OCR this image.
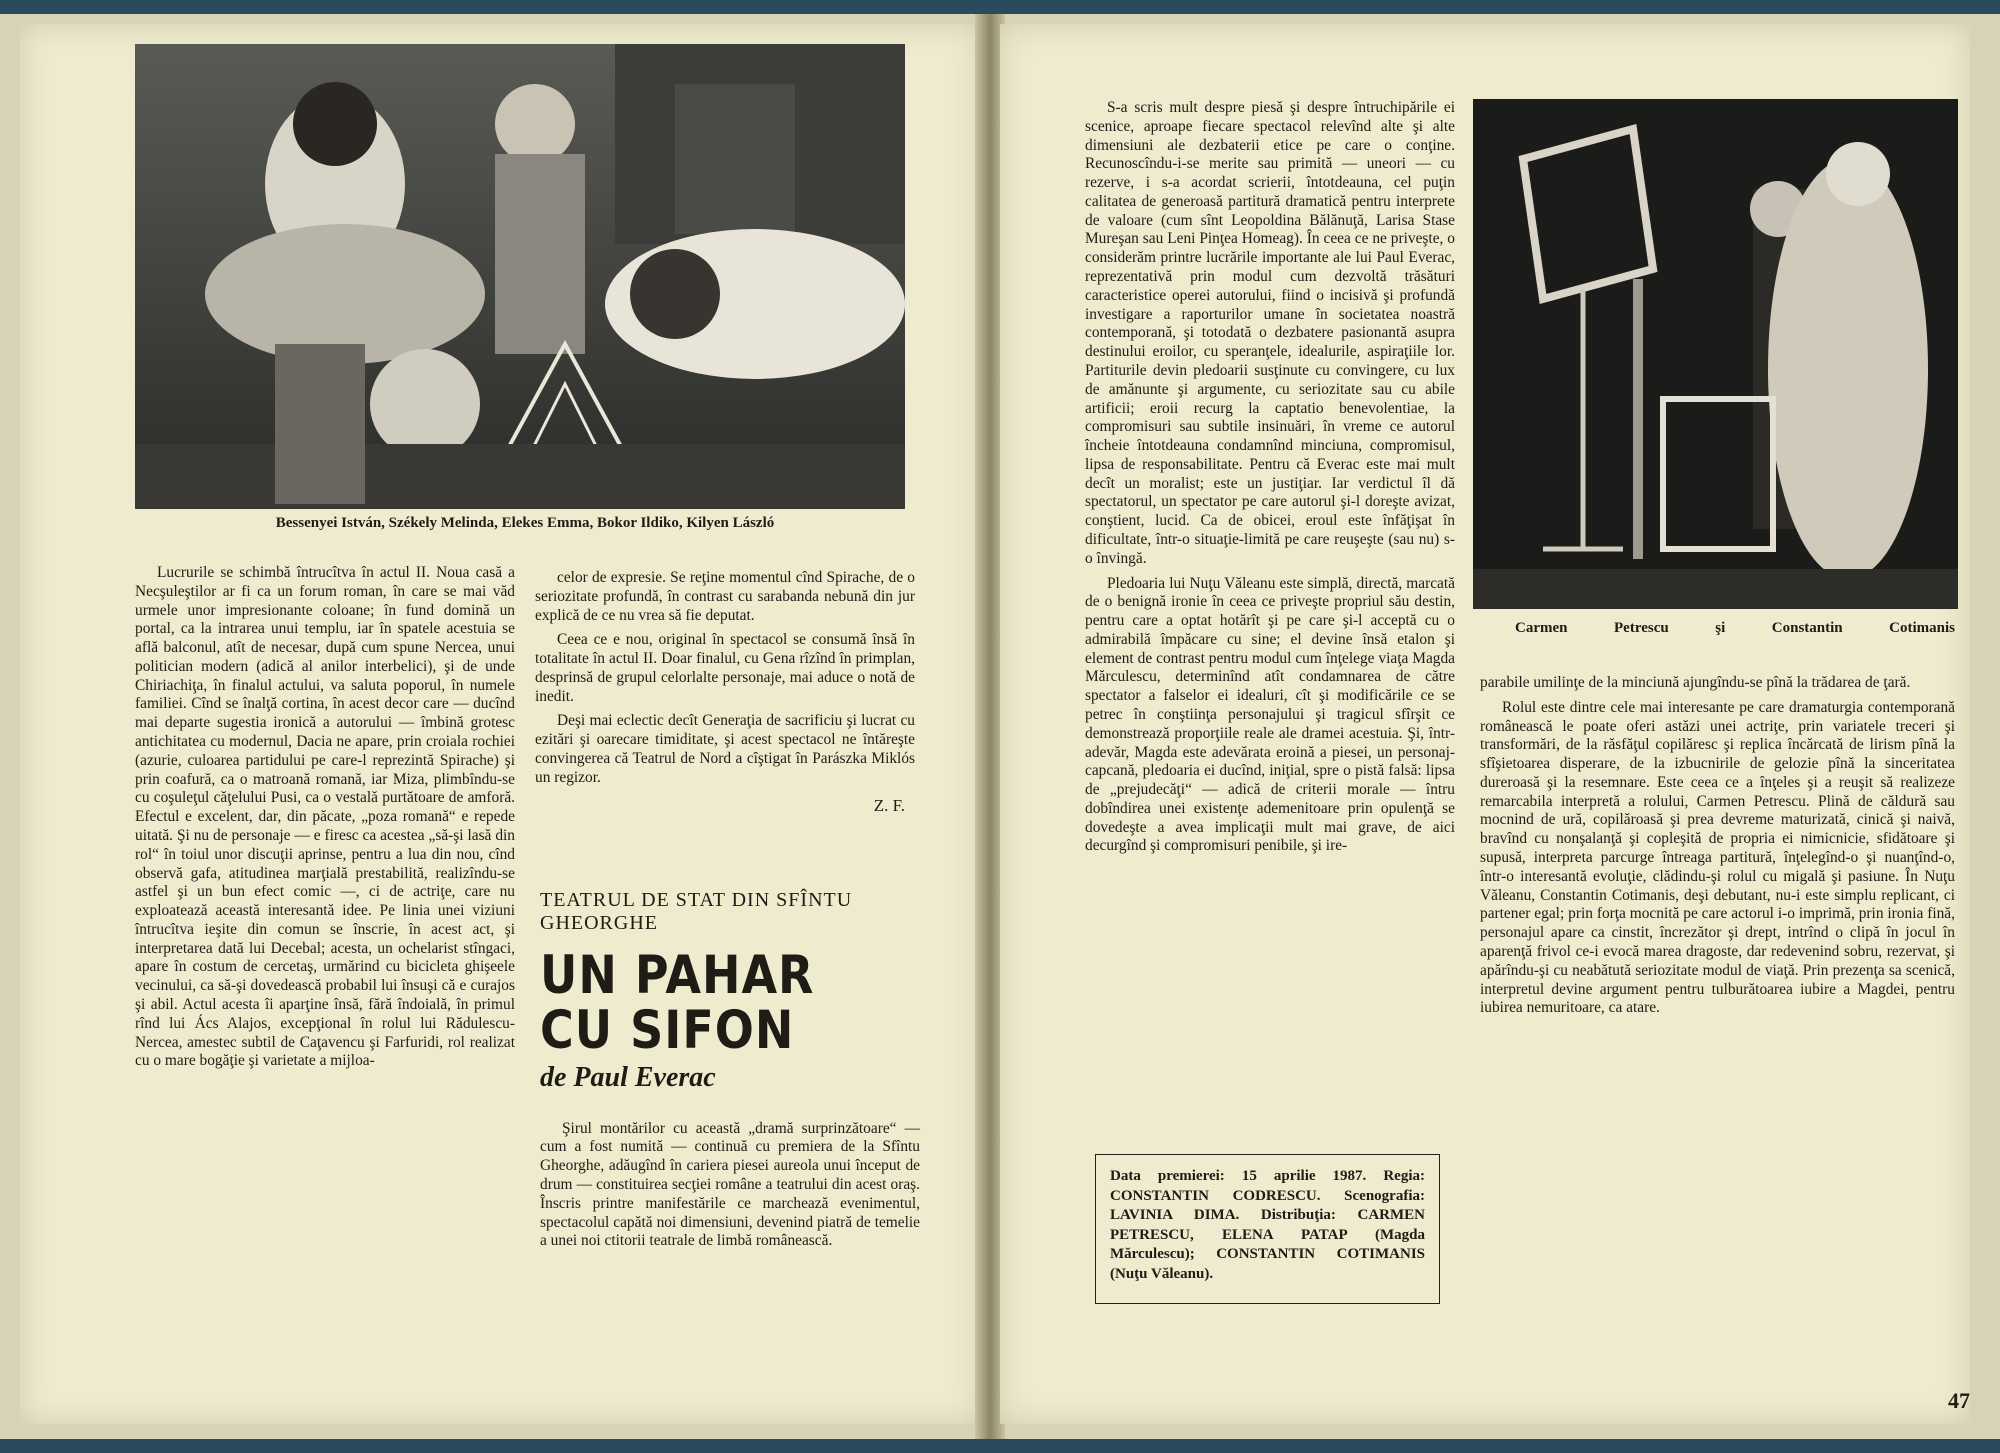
Bessenyei István, Székely Melinda, Elekes Emma, Bokor Ildiko, Kilyen László

Lucrurile se schimbă întrucîtva în actul II. Noua casă a Necşuleştilor ar fi ca un forum roman, în care se mai văd urmele unor impresionante coloane; în fund domină un portal, ca la intrarea unui templu, iar în spatele acestuia se află balconul, atît de necesar, după cum spune Nercea, unui politician modern (adică al anilor interbelici), şi de unde Chiriachiţa, în finalul actului, va saluta poporul, în numele familiei. Cînd se înalţă cortina, în acest decor care — ducînd mai departe sugestia ironică a autorului — îmbină grotesc antichitatea cu modernul, Dacia ne apare, prin croiala rochiei (azurie, culoarea partidului pe care-l reprezintă Spirache) şi prin coafură, ca o matroană romană, iar Miza, plimbîndu-se cu coşuleţul căţelului Pusi, ca o vestală purtătoare de amforă. Efectul e excelent, dar, din păcate, „poza romană“ e repede uitată. Şi nu de personaje — e firesc ca acestea „să-şi lasă din rol“ în toiul unor discuţii aprinse, pentru a lua din nou, cînd observă gafa, atitudinea marţială prestabilită, realizîndu-se astfel şi un bun efect comic —, ci de actriţe, care nu exploatează această interesantă idee. Pe linia unei viziuni întrucîtva ieşite din comun se înscrie, în acest act, şi interpretarea dată lui Decebal; acesta, un ochelarist stîngaci, apare în costum de cercetaş, urmărind cu bicicleta ghişeele vecinului, ca să-şi dovedească probabil lui însuşi că e curajos şi abil. Actul acesta îi aparţine însă, fără îndoială, în primul rînd lui Ács Alajos, excepţional în rolul lui Rădulescu-Nercea, amestec subtil de Caţavencu şi Farfuridi, rol realizat cu o mare bogăţie şi varietate a mijloa-

celor de expresie. Se reţine momentul cînd Spirache, de o seriozitate profundă, în contrast cu sarabanda nebună din jur explică de ce nu vrea să fie deputat.

Ceea ce e nou, original în spectacol se consumă însă în totalitate în actul II. Doar finalul, cu Gena rîzînd în primplan, desprinsă de grupul celorlalte personaje, mai aduce o notă de inedit.

Deşi mai eclectic decît Generaţia de sacrificiu şi lucrat cu ezitări şi oarecare timiditate, şi acest spectacol ne întăreşte convingerea că Teatrul de Nord a cîştigat în Parászka Miklós un regizor.

Z. F.
TEATRUL DE STAT DIN SFÎNTU GHEORGHE
UN PAHAR
CU SIFON
de Paul Everac

Şirul montărilor cu această „dramă surprinzătoare“ — cum a fost numită — continuă cu premiera de la Sfîntu Gheorghe, adăugînd în cariera piesei aureola unui început de drum — constituirea secţiei române a teatrului din acest oraş. Înscris printre manifestările ce marchează evenimentul, spectacolul capătă noi dimensiuni, devenind piatră de temelie a unei noi ctitorii teatrale de limbă românească.

S-a scris mult despre piesă şi despre întruchipările ei scenice, aproape fiecare spectacol relevînd alte şi alte dimensiuni ale dezbaterii etice pe care o conţine. Recunoscîndu-i-se merite sau primită — uneori — cu rezerve, i s-a acordat scrierii, întotdeauna, cel puţin calitatea de generoasă partitură dramatică pentru interprete de valoare (cum sînt Leopoldina Bălănuţă, Larisa Stase Mureşan sau Leni Pinţea Homeag). În ceea ce ne priveşte, o considerăm printre lucrările importante ale lui Paul Everac, reprezentativă prin modul cum dezvoltă trăsături caracteristice operei autorului, fiind o incisivă şi profundă investigare a raporturilor umane în societatea noastră contemporană, şi totodată o dezbatere pasionantă asupra destinului eroilor, cu speranţele, idealurile, aspiraţiile lor. Partiturile devin pledoarii susţinute cu convingere, cu lux de amănunte şi argumente, cu seriozitate sau cu abile artificii; eroii recurg la captatio benevolentiae, la compromisuri sau subtile insinuări, în vreme ce autorul încheie întotdeauna condamnînd minciuna, compromisul, lipsa de responsabilitate. Pentru că Everac este mai mult decît un moralist; este un justiţiar. Iar verdictul îl dă spectatorul, un spectator pe care autorul şi-l doreşte avizat, conştient, lucid. Ca de obicei, eroul este înfăţişat în dificultate, într-o situaţie-limită pe care reuşeşte (sau nu) s-o învingă.

Pledoaria lui Nuţu Văleanu este simplă, directă, marcată de o benignă ironie în ceea ce priveşte propriul său destin, pentru care a optat hotărît şi pe care şi-l acceptă cu o admirabilă împăcare cu sine; el devine însă etalon şi element de contrast pentru modul cum înţelege viaţa Magda Mărculescu, determinînd atît condamnarea de către spectator a falselor ei idealuri, cît şi modificările ce se petrec în conştiinţa personajului şi tragicul sfîrşit ce demonstrează proporţiile reale ale dramei acestuia. Şi, într-adevăr, Magda este adevărata eroină a piesei, un personaj-capcană, pledoaria ei ducînd, iniţial, spre o pistă falsă: lipsa de „prejudecăţi“ — adică de criterii morale — întru dobîndirea unei existenţe ademenitoare prin opulenţă se dovedeşte a avea implicaţii mult mai grave, de aici decurgînd şi compromisuri penibile, şi ire-

Carmen Petrescu şi Constantin Cotimanis

parabile umilinţe de la minciună ajungîndu-se pînă la trădarea de ţară.

Rolul este dintre cele mai interesante pe care dramaturgia contemporană românească le poate oferi astăzi unei actriţe, prin variatele treceri şi transformări, de la răsfăţul copilăresc şi replica încărcată de lirism pînă la sfîşietoarea disperare, de la izbucnirile de gelozie pînă la sinceritatea dureroasă şi la resemnare. Este ceea ce a înţeles şi a reuşit să realizeze remarcabila interpretă a rolului, Carmen Petrescu. Plină de căldură sau mocnind de ură, copilăroasă şi prea devreme maturizată, cinică şi naivă, bravînd cu nonşalanţă şi copleşită de propria ei nimicnicie, sfidătoare şi supusă, interpreta parcurge întreaga partitură, înţelegînd-o şi nuanţînd-o, într-o interesantă evoluţie, clădindu-şi rolul cu migală şi pasiune. În Nuţu Văleanu, Constantin Cotimanis, deşi debutant, nu-i este simplu replicant, ci partener egal; prin forţa mocnită pe care actorul i-o imprimă, prin ironia fină, personajul apare ca cinstit, încrezător şi drept, intrînd o clipă în jocul în aparenţă frivol ce-i evocă marea dragoste, dar redevenind sobru, rezervat, şi apărîndu-şi cu neabătută seriozitate modul de viaţă. Prin prezenţa sa scenică, interpretul devine argument pentru tulburătoarea iubire a Magdei, pentru iubirea nemuritoare, ca atare.

Data premierei: 15 aprilie 1987. Regia: CONSTANTIN CODRESCU. Scenografia: LAVINIA DIMA. Distribuţia: CARMEN PETRESCU, ELENA PATAP (Magda Mărculescu); CONSTANTIN COTIMANIS (Nuţu Văleanu).
47
